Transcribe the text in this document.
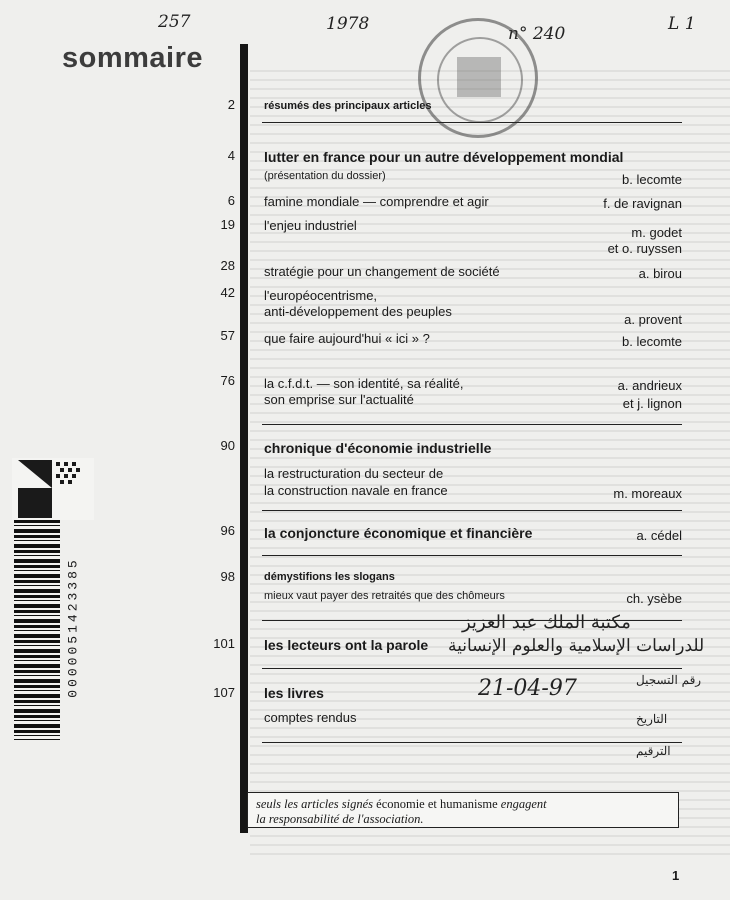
257	1978	n° 240	L 1
sommaire
2	résumés des principaux articles
4 lutter en france pour un autre développement mondial
(présentation du dossier)	b. lecomte
6 famine mondiale — comprendre et agir	f. de ravignan
19 l'enjeu industriel	m. godet
et o. ruyssen
28 stratégie pour un changement de société	a. birou
42 l'européocentrisme,
anti-développement des peuples
a. provent
57 que faire aujourd'hui « ici » ?	b. lecomte
76 la c.f.d.t. — son identité, sa réalité,
son emprise sur l'actualité
a. andrieux
et j. lignon
90 chronique d'économie industrielle
la restructuration du secteur de
la construction navale en france	m. moreaux
96 la conjoncture économique et financière	a. cédel
98	démystifions les slogans
mieux vaut payer des retraités que des chômeurs	ch. ysèbe
101 les lecteurs ont la parole
107 les livres
comptes rendus
مكتبة الملك عبد العزيز
للدراسات الإسلامية والعلوم الإنسانية
رقم التسجيل
21-04-97
التاريخ
الترقيم
0000051423385
seuls les articles signés économie et humanisme engagent
la responsabilité de l'association.
1
